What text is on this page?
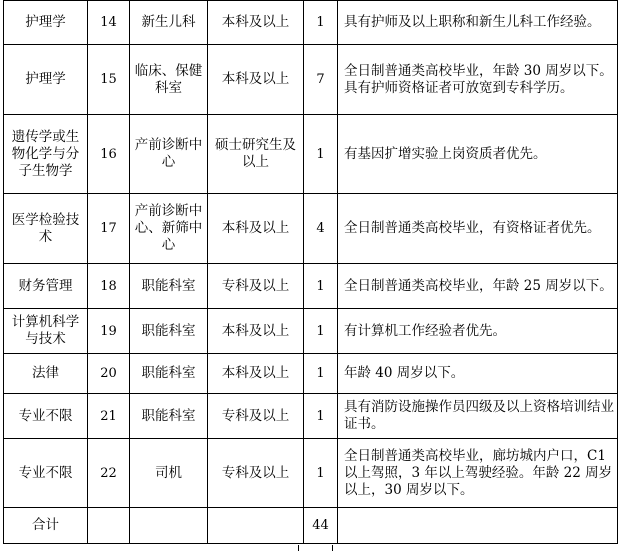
护理学	14	新生儿科	本科及以上	1	具有护师及以上职称和新生儿科工作经验。
护理学	15	临床、保健科室	本科及以上	7	全日制普通类高校毕业，年龄 30 周岁以下。具有护师资格证者可放宽到专科学历。
遗传学或生物化学与分子生物学	16	产前诊断中心	硕士研究生及以上	1	有基因扩增实验上岗资质者优先。
医学检验技术	17	产前诊断中心、新筛中心	本科及以上	4	全日制普通类高校毕业，有资格证者优先。
财务管理	18	职能科室	专科及以上	1	全日制普通类高校毕业，年龄 25 周岁以下。
计算机科学与技术	19	职能科室	本科及以上	1	有计算机工作经验者优先。
法律	20	职能科室	本科及以上	1	年龄 40 周岁以下。
专业不限	21	职能科室	专科及以上	1	具有消防设施操作员四级及以上资格培训结业证书。
专业不限	22	司机	专科及以上	1	全日制普通类高校毕业，廊坊城内户口，C1 以上驾照，3 年以上驾驶经验。年龄 22 周岁以上，30 周岁以下。
合计				44	
